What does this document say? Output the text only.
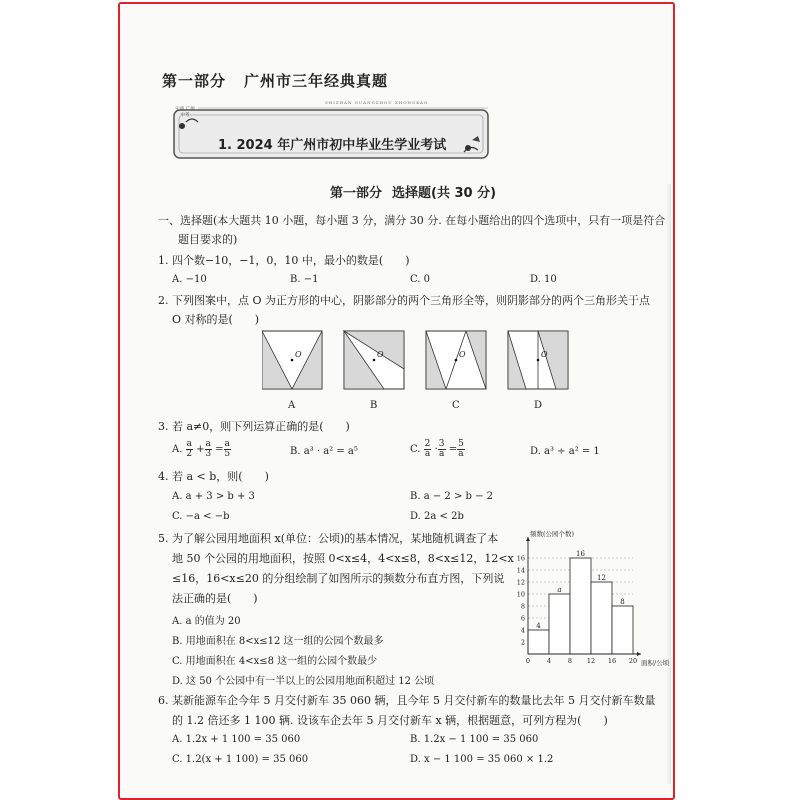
第一部分 广州市三年经典真题
实战 广州中考
SHIZHAN GUANGZHOU ZHONGKAO
1. 2024 年广州市初中毕业生学业考试
第一部分 选择题(共 30 分)
一、选择题(本大题共 10 小题，每小题 3 分，满分 30 分. 在每小题给出的四个选项中，只有一项是符合
题目要求的)
1. 四个数−10，−1，0，10 中，最小的数是(　　)
A. −10	B. −1	C. 0	D. 10
2. 下列图案中，点 O 为正方形的中心，阴影部分的两个三角形全等，则阴影部分的两个三角形关于点
O 对称的是(　　)
O	O	O	O
A	B	C	D
3. 若 a≠0，则下列运算正确的是(　　)
A. $\frac{a}{2} + \frac{a}{3} = \frac{a}{5}$	B. a³ · a² = a⁵	C. $\frac{2}{a} \cdot \frac{3}{a} = \frac{5}{a}$	D. a³ ÷ a² = 1
4. 若 a < b，则(　　)
A. a + 3 > b + 3	B. a − 2 > b − 2
C. −a < −b	D. 2a < 2b
5. 为了解公园用地面积 x(单位：公顷)的基本情况，某地随机调查了本
地 50 个公园的用地面积，按照 0<x≤4，4<x≤8，8<x≤12，12<x
≤16，16<x≤20 的分组绘制了如图所示的频数分布直方图，下列说
法正确的是(　　)
A. a 的值为 20
B. 用地面积在 8<x≤12 这一组的公园个数最多
C. 用地面积在 4<x≤8 这一组的公园个数最少
D. 这 50 个公园中有一半以上的公园用地面积超过 12 公顷
2
4
6
8
10
12
14
16
4
a
16
12
8
0	4	8 12 16 20
频数(公园个数)
面积/公顷
6. 某新能源车企今年 5 月交付新车 35 060 辆，且今年 5 月交付新车的数量比去年 5 月交付新车数量
的 1.2 倍还多 1 100 辆. 设该车企去年 5 月交付新车 x 辆，根据题意，可列方程为(　　)
A. 1.2x + 1 100 = 35 060	B. 1.2x − 1 100 = 35 060
C. 1.2(x + 1 100) = 35 060	D. x − 1 100 = 35 060 × 1.2
